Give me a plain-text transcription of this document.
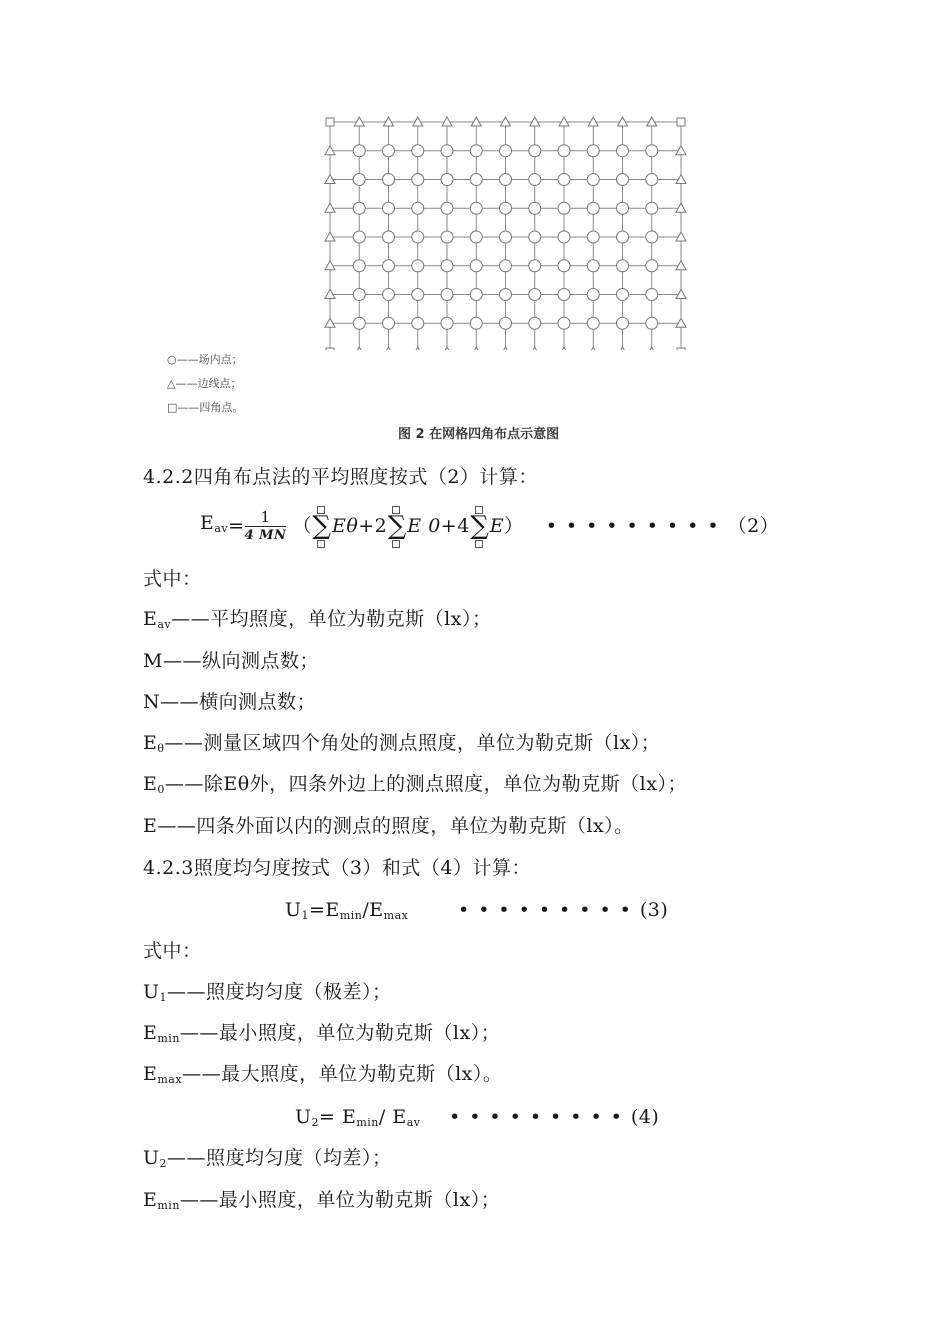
○——场内点；
△——边线点；
□——四角点。
图 2 在网格四角布点示意图
4.2.2四角布点法的平均照度按式（2）计算：
$E_{av} = \frac{1}{4 MN}$ （ ∑ Eθ +2 ∑ E 0 +4 ∑ E ） ••••••••• （2）
式中：
$E_{av}——$平均照度，单位为勒克斯（lx）；
M——纵向测点数；
N——横向测点数；
$E_\theta——$测量区域四个角处的测点照度，单位为勒克斯（lx）；
$E_0——$除Eθ外，四条外边上的测点照度，单位为勒克斯（lx）；
E——四条外面以内的测点的照度，单位为勒克斯（lx）。
4.2.3照度均匀度按式（3）和式（4）计算：
$U_1=E_{min}/E_{max}$	•••••••••(3)
式中：
$U_1——$照度均匀度（极差）；
$E_{min}——$最小照度，单位为勒克斯（lx）；
$E_{max}——$最大照度，单位为勒克斯（lx）。
$U_2= E_{min}/$ $E_{av}$ •••••••••(4)
$U_2——$照度均匀度（均差）；
$E_{min}——$最小照度，单位为勒克斯（lx）；
